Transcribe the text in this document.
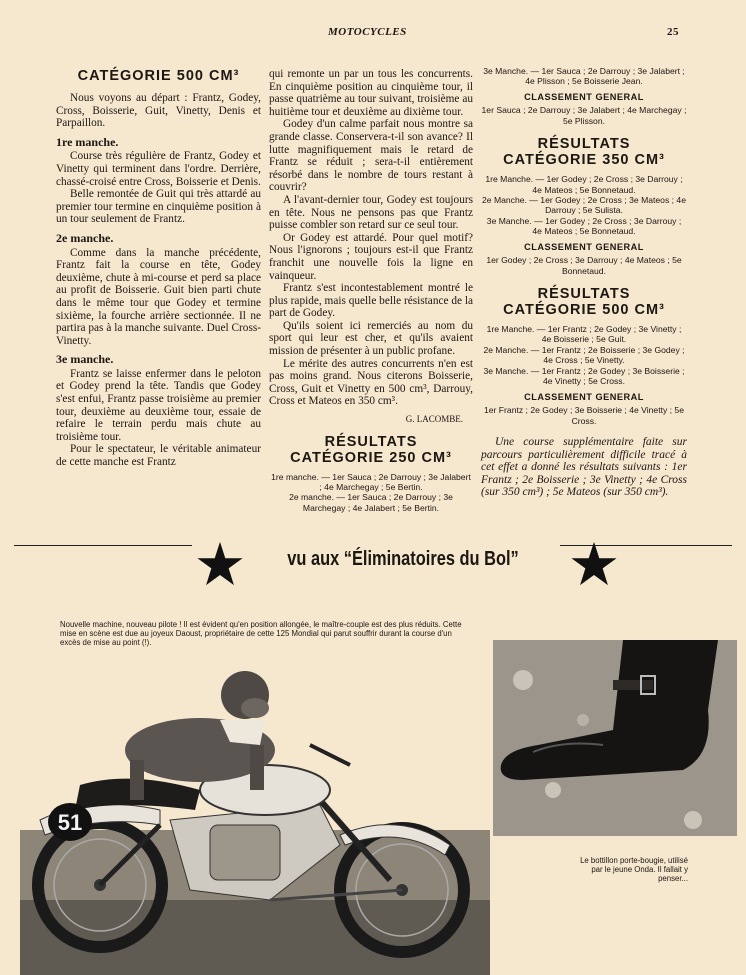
MOTOCYCLES	25
CATÉGORIE 500 CM³

Nous voyons au départ : Frantz, Godey, Cross, Boisserie, Guit, Vinetty, Denis et Parpaillon.

1re manche.

Course très régulière de Frantz, Godey et Vinetty qui terminent dans l'ordre. Derrière, chassé-croisé entre Cross, Boisserie et Denis.

Belle remontée de Guit qui très attardé au premier tour termine en cinquième position à un tour seulement de Frantz.

2e manche.

Comme dans la manche précédente, Frantz fait la course en tête, Godey deuxième, chute à mi-course et perd sa place au profit de Boisserie. Guit bien parti chute dans le même tour que Godey et termine sixième, la fourche arrière sectionnée. Il ne partira pas à la manche suivante. Duel Cross-Vinetty.

3e manche.

Frantz se laisse enfermer dans le peloton et Godey prend la tête. Tandis que Godey s'est enfui, Frantz passe troisième au premier tour, deuxième au deuxième tour, essaie de refaire le terrain perdu mais chute au troisième tour.

Pour le spectateur, le véritable animateur de cette manche est Frantz

qui remonte un par un tous les concurrents. En cinquième position au cinquième tour, il passe quatrième au tour suivant, troisième au huitième tour et deuxième au dixième tour.

Godey d'un calme parfait nous montre sa grande classe. Conservera-t-il son avance? Il lutte magnifiquement mais le retard de Frantz se réduit ; sera-t-il entièrement résorbé dans le nombre de tours restant à couvrir?

A l'avant-dernier tour, Godey est toujours en tête. Nous ne pensons pas que Frantz puisse combler son retard sur ce seul tour.

Or Godey est attardé. Pour quel motif? Nous l'ignorons ; toujours est-il que Frantz franchit une nouvelle fois la ligne en vainqueur.

Frantz s'est incontestablement montré le plus rapide, mais quelle belle résistance de la part de Godey.

Qu'ils soient ici remerciés au nom du sport qui leur est cher, et qu'ils avaient mission de présenter à un public profane.

Le mérite des autres concurrents n'en est pas moins grand. Nous citerons Boisserie, Cross, Guit et Vinetty en 500 cm³, Darrouy, Cross et Mateos en 350 cm³.

G. LACOMBE.
RÉSULTATS CATÉGORIE 250 CM³
1re manche. — 1er Sauca ; 2e Darrouy ; 3e Jalabert ; 4e Marchegay ; 5e Bertin.
2e manche. — 1er Sauca ; 2e Darrouy ; 3e Marchegay ; 4e Jalabert ; 5e Bertin.
3e Manche. — 1er Sauca ; 2e Darrouy ; 3e Jalabert ; 4e Plisson ; 5e Boisserie Jean.
CLASSEMENT GENERAL
1er Sauca ; 2e Darrouy ; 3e Jalabert ; 4e Marchegay ; 5e Plisson.
RÉSULTATS CATÉGORIE 350 CM³
1re Manche. — 1er Godey ; 2e Cross ; 3e Darrouy ; 4e Mateos ; 5e Bonnetaud.
2e Manche. — 1er Godey ; 2e Cross ; 3e Mateos ; 4e Darrouy ; 5e Sulista.
3e Manche. — 1er Godey ; 2e Cross ; 3e Darrouy ; 4e Mateos ; 5e Bonnetaud.
CLASSEMENT GENERAL
1er Godey ; 2e Cross ; 3e Darrouy ; 4e Mateos ; 5e Bonnetaud.
RÉSULTATS CATÉGORIE 500 CM³
1re Manche. — 1er Frantz ; 2e Godey ; 3e Vinetty ; 4e Boisserie ; 5e Guit.
2e Manche. — 1er Frantz ; 2e Boisserie ; 3e Godey ; 4e Cross ; 5e Vinetty.
3e Manche. — 1er Frantz ; 2e Godey ; 3e Boisserie ; 4e Vinetty ; 5e Cross.
CLASSEMENT GENERAL
1er Frantz ; 2e Godey ; 3e Boisserie ; 4e Vinetty ; 5e Cross.
Une course supplémentaire faite sur parcours particulièrement difficile tracé à cet effet a donné les résultats suivants : 1er Frantz ; 2e Boisserie ; 3e Vinetty ; 4e Cross (sur 350 cm³) ; 5e Mateos (sur 350 cm³).
vu aux “Éliminatoires du Bol”
Nouvelle machine, nouveau pilote ! Il est évident qu'en position allongée, le maître-couple est des plus réduits. Cette mise en scène est due au joyeux Daoust, propriétaire de cette 125 Mondial qui parut souffrir durant la course d'un excès de mise au point (!).
51
Le bottillon porte-bougie, utilisé par le jeune Onda. Il fallait y penser...
